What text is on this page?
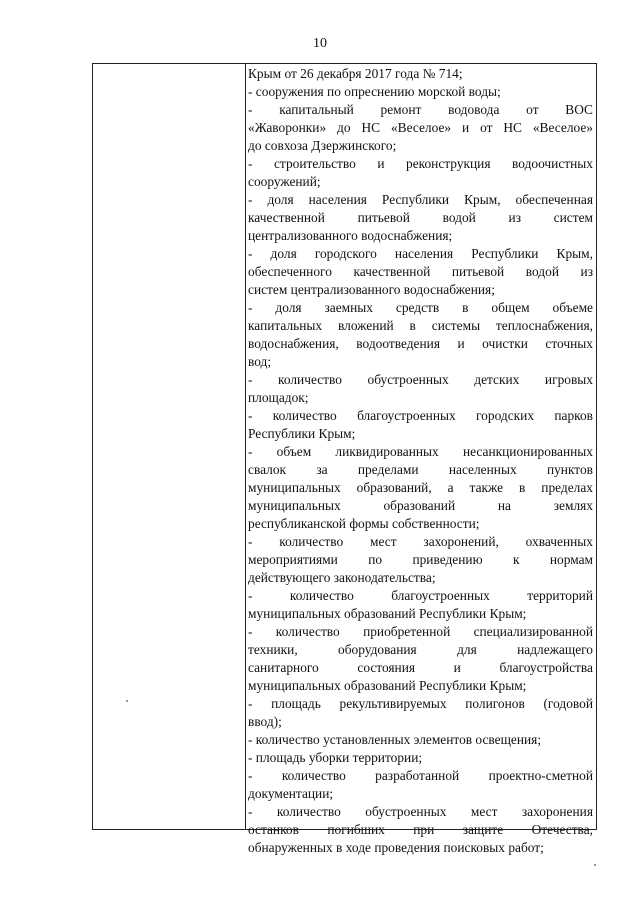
10
Крым от 26 декабря 2017 года № 714;
- сооружения по опреснению морской воды;
- капитальный ремонт водовода от ВОС
«Жаворонки» до НС «Веселое» и от НС «Веселое»
до совхоза Дзержинского;
- строительство и реконструкция водоочистных
сооружений;
- доля населения Республики Крым, обеспеченная
качественной питьевой водой из систем
централизованного водоснабжения;
- доля городского населения Республики Крым,
обеспеченного качественной питьевой водой из
систем централизованного водоснабжения;
- доля заемных средств в общем объеме
капитальных вложений в системы теплоснабжения,
водоснабжения, водоотведения и очистки сточных
вод;
- количество обустроенных детских игровых
площадок;
- количество благоустроенных городских парков
Республики Крым;
- объем ликвидированных несанкционированных
свалок за пределами населенных пунктов
муниципальных образований, а также в пределах
муниципальных образований на землях
республиканской формы собственности;
- количество мест захоронений, охваченных
мероприятиями по приведению к нормам
действующего законодательства;
- количество благоустроенных территорий
муниципальных образований Республики Крым;
- количество приобретенной специализированной
техники, оборудования для надлежащего
санитарного состояния и благоустройства
муниципальных образований Республики Крым;
- площадь рекультивируемых полигонов (годовой
ввод);
- количество установленных элементов освещения;
- площадь уборки территории;
- количество разработанной проектно-сметной
документации;
- количество обустроенных мест захоронения
останков погибших при защите Отечества,
обнаруженных в ходе проведения поисковых работ;
